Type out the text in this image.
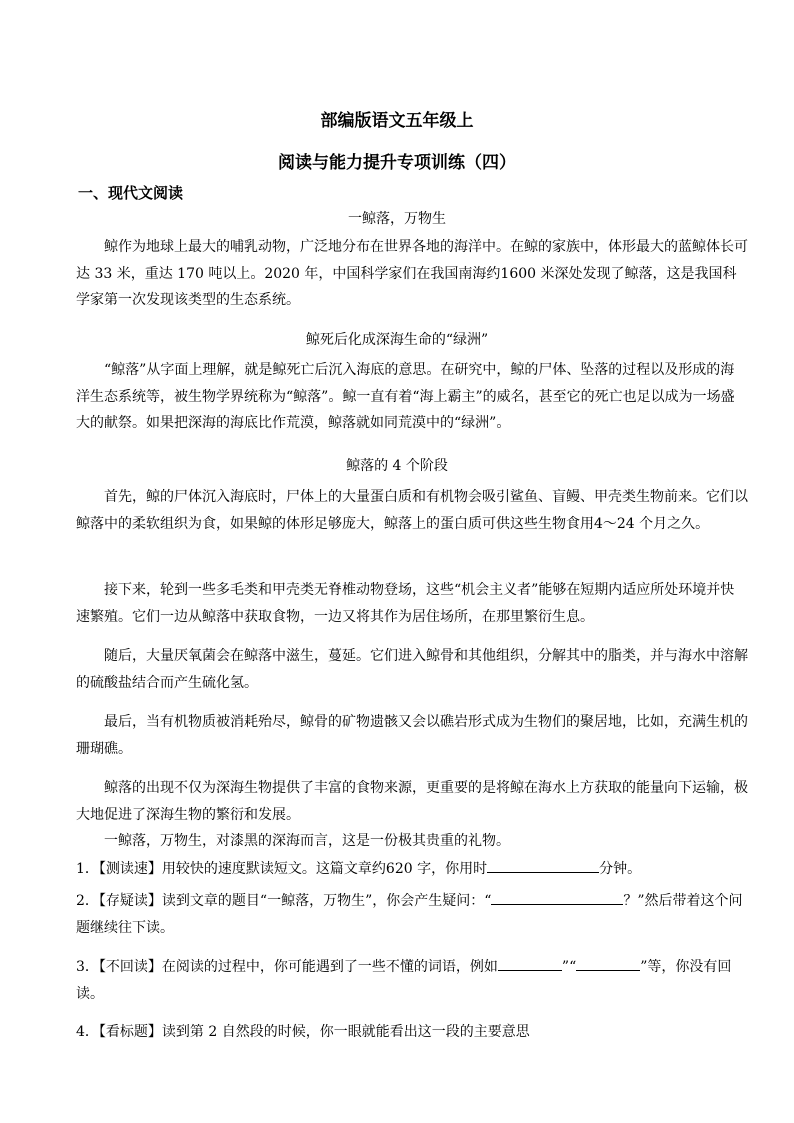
部编版语文五年级上
阅读与能力提升专项训练（四）
一、现代文阅读
一鲸落，万物生

鲸作为地球上最大的哺乳动物，广泛地分布在世界各地的海洋中。在鲸的家族中，体形最大的蓝鲸体长可达 33 米，重达 170 吨以上。2020 年，中国科学家们在我国南海约1600 米深处发现了鲸落，这是我国科学家第一次发现该类型的生态系统。

鲸死后化成深海生命的“绿洲”

“鲸落”从字面上理解，就是鲸死亡后沉入海底的意思。在研究中，鲸的尸体、坠落的过程以及形成的海洋生态系统等，被生物学界统称为“鲸落”。鲸一直有着“海上霸主”的威名，甚至它的死亡也足以成为一场盛大的献祭。如果把深海的海底比作荒漠，鲸落就如同荒漠中的“绿洲”。

鲸落的 4 个阶段

首先，鲸的尸体沉入海底时，尸体上的大量蛋白质和有机物会吸引鲨鱼、盲鳗、甲壳类生物前来。它们以鲸落中的柔软组织为食，如果鲸的体形足够庞大，鲸落上的蛋白质可供这些生物食用4～24 个月之久。

接下来，轮到一些多毛类和甲壳类无脊椎动物登场，这些“机会主义者”能够在短期内适应所处环境并快速繁殖。它们一边从鲸落中获取食物，一边又将其作为居住场所，在那里繁衍生息。

随后，大量厌氧菌会在鲸落中滋生，蔓延。它们进入鲸骨和其他组织，分解其中的脂类，并与海水中溶解的硫酸盐结合而产生硫化氢。

最后，当有机物质被消耗殆尽，鲸骨的矿物遗骸又会以礁岩形式成为生物们的聚居地，比如，充满生机的珊瑚礁。

鲸落的出现不仅为深海生物提供了丰富的食物来源，更重要的是将鲸在海水上方获取的能量向下运输，极大地促进了深海生物的繁衍和发展。

一鲸落，万物生，对漆黑的深海而言，这是一份极其贵重的礼物。

1．【测读速】用较快的速度默读短文。这篇文章约620 字，你用时	分钟。

2．【存疑读】读到文章的题目“一鲸落，万物生”，你会产生疑问：“	？”然后带着这个问题继续往下读。

3．【不回读】在阅读的过程中，你可能遇到了一些不懂的词语，例如	”“	”等，你没有回读。

4．【看标题】读到第 2 自然段的时候，你一眼就能看出这一段的主要意思
